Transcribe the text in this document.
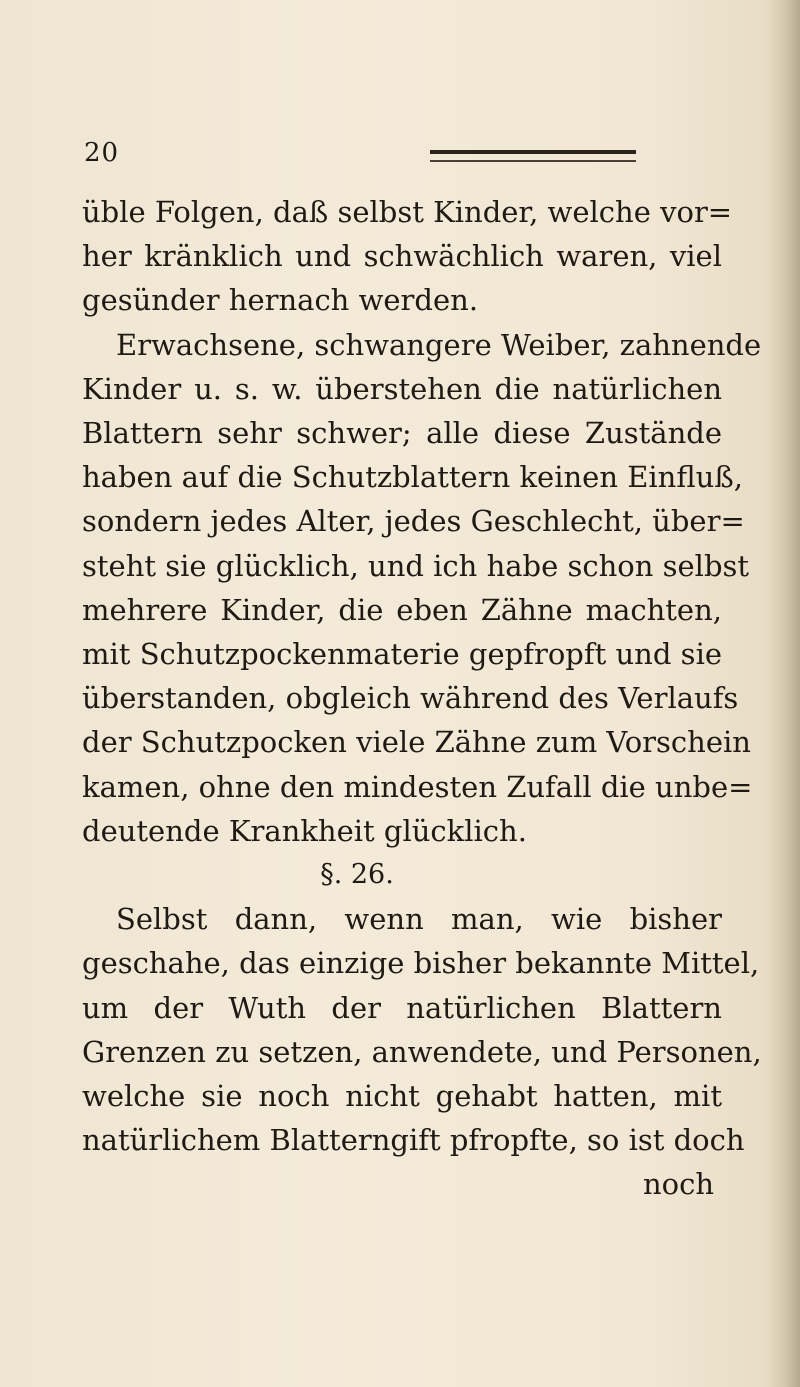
20
üble Folgen, daß selbst Kinder, welche vor=
her kränklich und schwächlich waren, viel
gesünder hernach werden.
Erwachsene, schwangere Weiber, zahnende
Kinder u. s. w. überstehen die natürlichen
Blattern sehr schwer; alle diese Zustände
haben auf die Schutzblattern keinen Einfluß,
sondern jedes Alter, jedes Geschlecht, über=
steht sie glücklich, und ich habe schon selbst
mehrere Kinder, die eben Zähne machten,
mit Schutzpockenmaterie gepfropft und sie
überstanden, obgleich während des Verlaufs
der Schutzpocken viele Zähne zum Vorschein
kamen, ohne den mindesten Zufall die unbe=
deutende Krankheit glücklich.
§. 26.
Selbst dann, wenn man, wie bisher
geschahe, das einzige bisher bekannte Mittel,
um der Wuth der natürlichen Blattern
Grenzen zu setzen, anwendete, und Personen,
welche sie noch nicht gehabt hatten, mit
natürlichem Blatterngift pfropfte, so ist doch
noch
